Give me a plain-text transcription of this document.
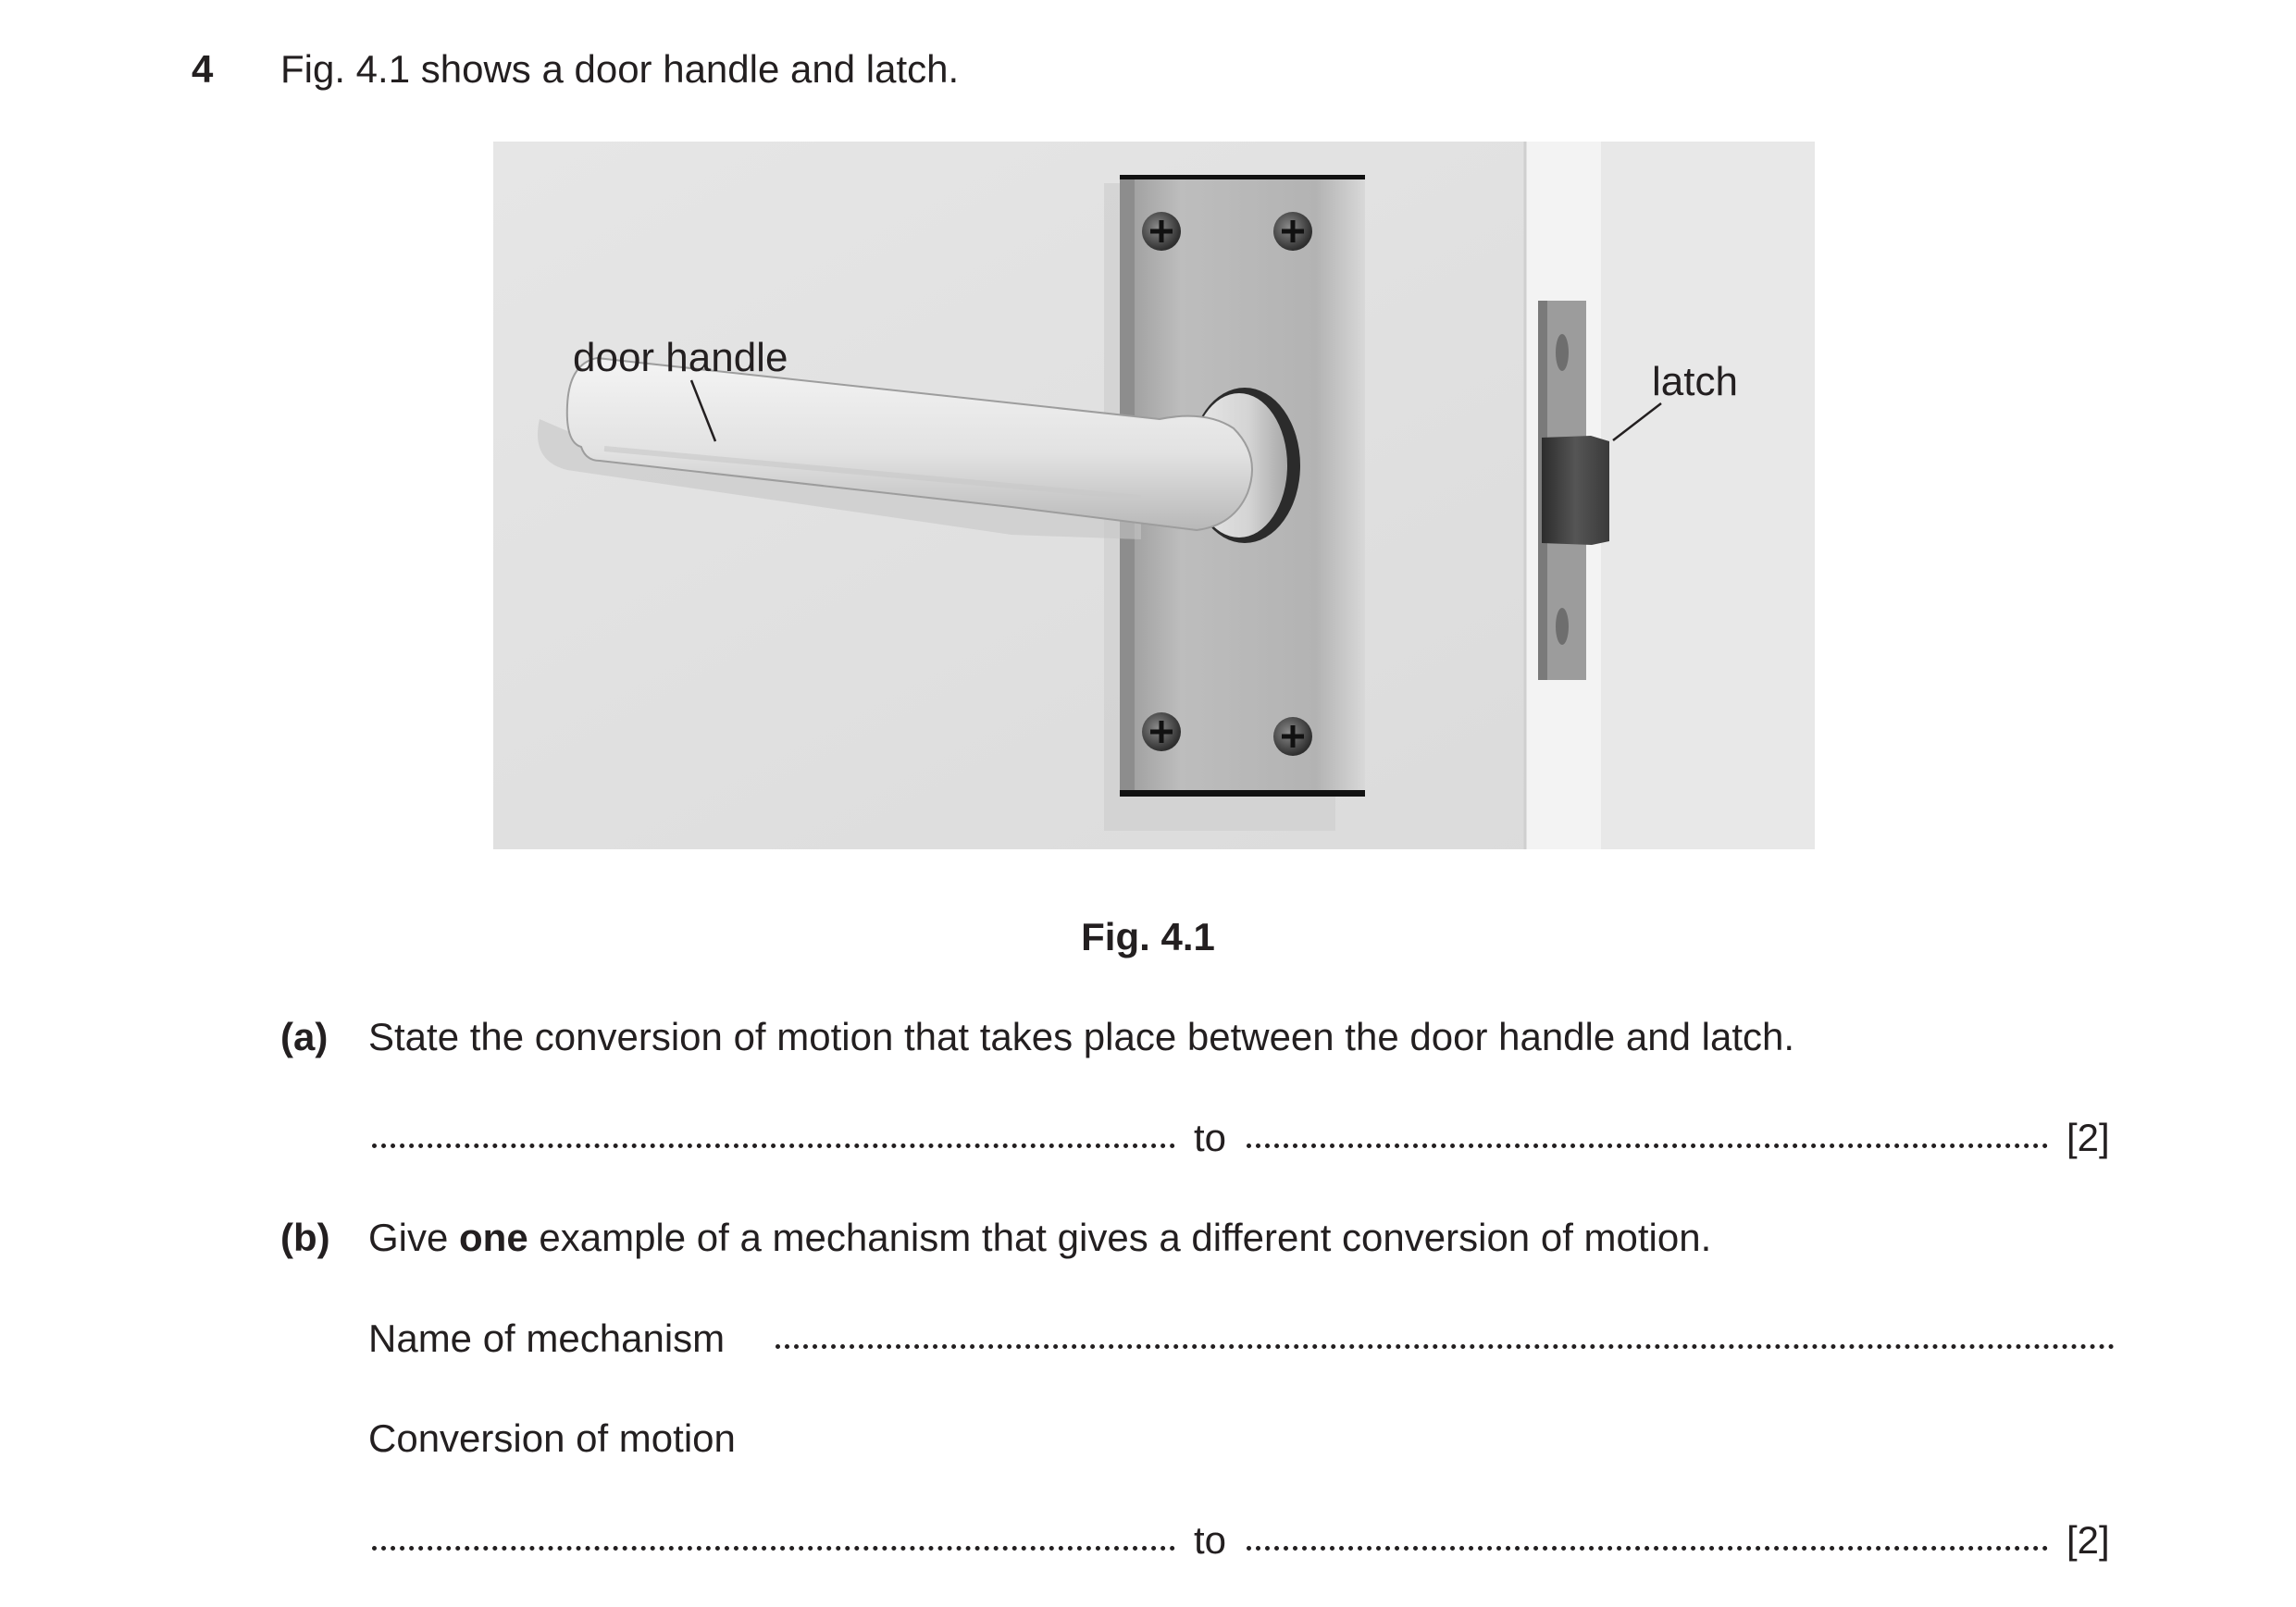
4 Fig. 4.1 shows a door handle and latch.
door handle
latch
Fig. 4.1
(a) State the conversion of motion that takes place between the door handle and latch.
to	[2]
(b) Give one example of a mechanism that gives a different conversion of motion.
Name of mechanism
Conversion of motion
to	[2]
